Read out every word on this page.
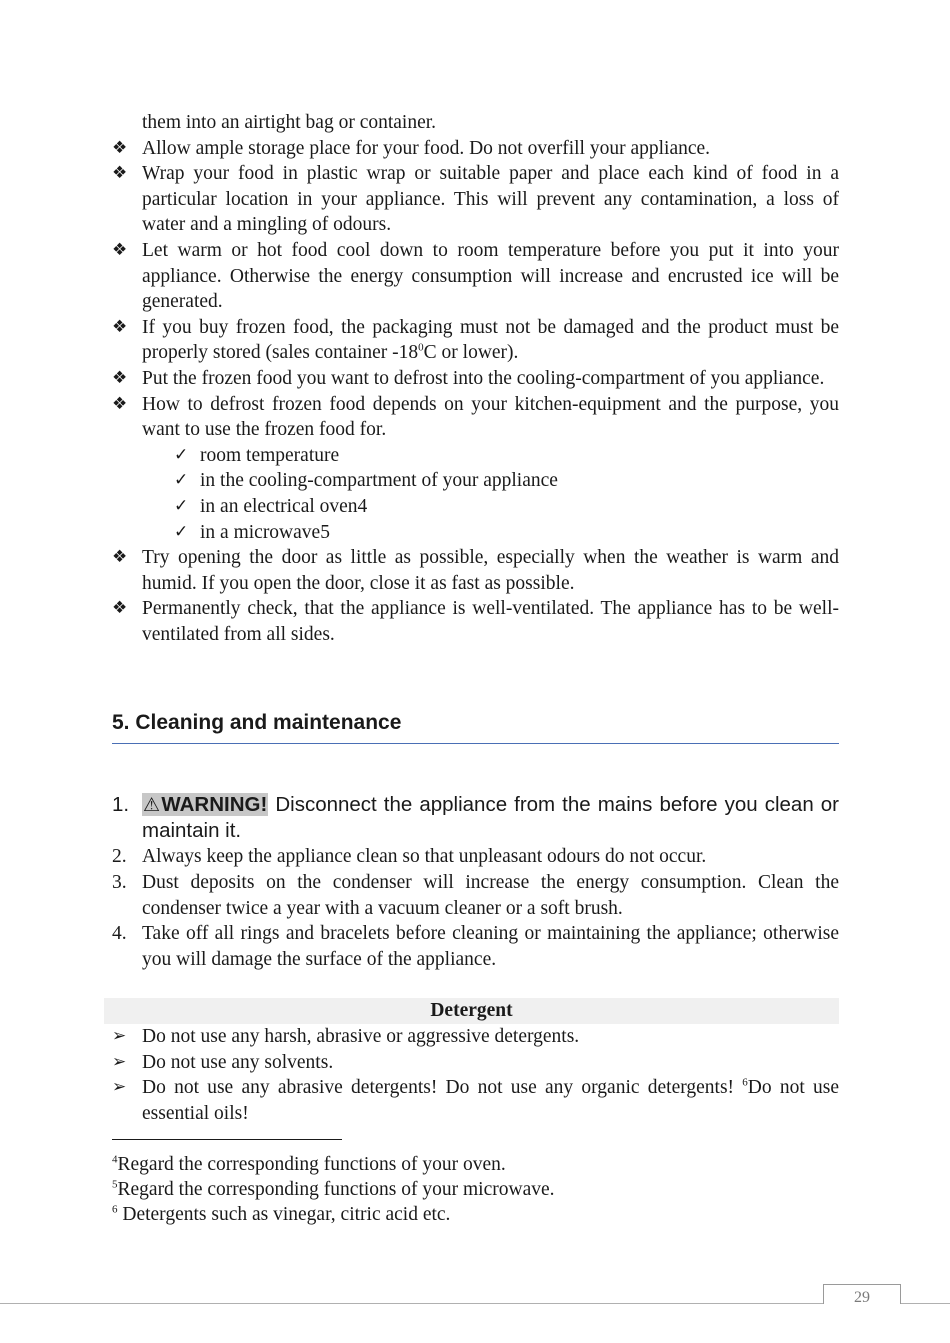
them into an airtight bag or container.
❖ Allow ample storage place for your food. Do not overfill your appliance.
❖ Wrap your food in plastic wrap or suitable paper and place each kind of food in a particular location in your appliance. This will prevent any contamination, a loss of water and a mingling of odours.
❖ Let warm or hot food cool down to room temperature before you put it into your appliance. Otherwise the energy consumption will increase and encrusted ice will be generated.
❖ If you buy frozen food, the packaging must not be damaged and the product must be properly stored (sales container $-18^0C$ or lower).
❖ Put the frozen food you want to defrost into the cooling-compartment of you appliance.
❖ How to defrost frozen food depends on your kitchen-equipment and the purpose, you want to use the frozen food for.
✓ room temperature
✓ in the cooling-compartment of your appliance
✓ in an electrical oven4
✓ in a microwave5
❖ Try opening the door as little as possible, especially when the weather is warm and humid. If you open the door, close it as fast as possible.
❖ Permanently check, that the appliance is well-ventilated. The appliance has to be well-ventilated from all sides.
5. Cleaning and maintenance
1. ⚠WARNING! Disconnect the appliance from the mains before you clean or maintain it.
2. Always keep the appliance clean so that unpleasant odours do not occur.
3. Dust deposits on the condenser will increase the energy consumption. Clean the condenser twice a year with a vacuum cleaner or a soft brush.
4. Take off all rings and bracelets before cleaning or maintaining the appliance; otherwise you will damage the surface of the appliance.
Detergent
➢ Do not use any harsh, abrasive or aggressive detergents.
➢ Do not use any solvents.
➢ Do not use any abrasive detergents! Do not use any organic detergents! $^6$Do not use essential oils!
$^4$Regard the corresponding functions of your oven.
$^5$Regard the corresponding functions of your microwave.
$^6$ Detergents such as vinegar, citric acid etc.
29
